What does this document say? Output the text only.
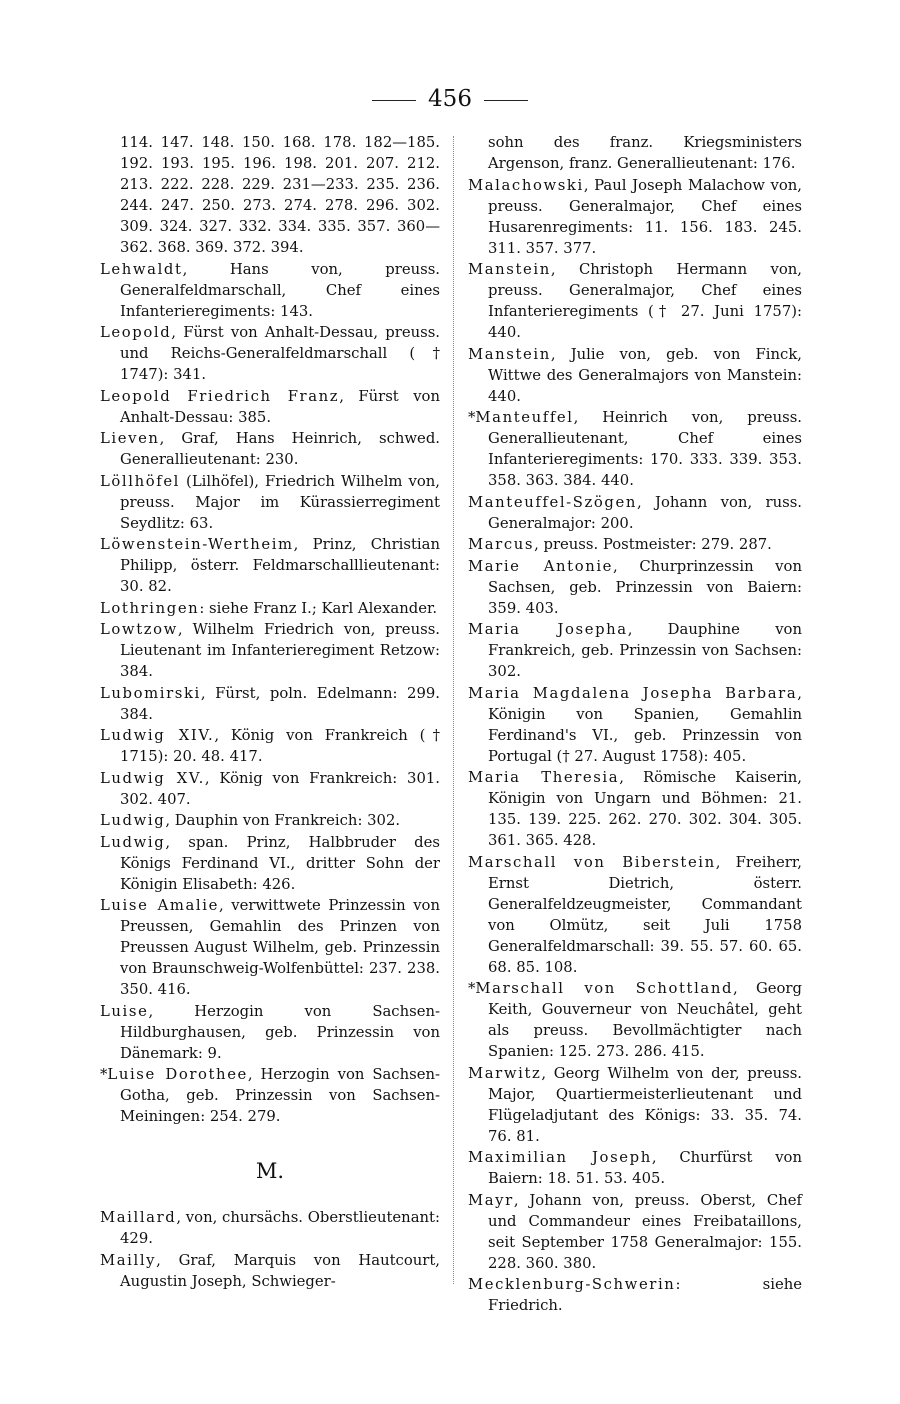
456

114. 147. 148. 150. 168. 178. 182—185. 192. 193. 195. 196. 198. 201. 207. 212. 213. 222. 228. 229. 231—233. 235. 236. 244. 247. 250. 273. 274. 278. 296. 302. 309. 324. 327. 332. 334. 335. 357. 360—362. 368. 369. 372. 394.

Lehwaldt, Hans von, preuss. Generalfeldmarschall, Chef eines Infanterieregiments: 143.

Leopold, Fürst von Anhalt-Dessau, preuss. und Reichs-Generalfeldmarschall († 1747): 341.

Leopold Friedrich Franz, Fürst von Anhalt-Dessau: 385.

Lieven, Graf, Hans Heinrich, schwed. Generallieutenant: 230.

Löllhöfel (Lilhöfel), Friedrich Wilhelm von, preuss. Major im Kürassierregiment Seydlitz: 63.

Löwenstein-Wertheim, Prinz, Christian Philipp, österr. Feldmarschalllieutenant: 30. 82.

Lothringen: siehe Franz I.; Karl Alexander.

Lowtzow, Wilhelm Friedrich von, preuss. Lieutenant im Infanterieregiment Retzow: 384.

Lubomirski, Fürst, poln. Edelmann: 299. 384.

Ludwig XIV., König von Frankreich († 1715): 20. 48. 417.

Ludwig XV., König von Frankreich: 301. 302. 407.

Ludwig, Dauphin von Frankreich: 302.

Ludwig, span. Prinz, Halbbruder des Königs Ferdinand VI., dritter Sohn der Königin Elisabeth: 426.

Luise Amalie, verwittwete Prinzessin von Preussen, Gemahlin des Prinzen von Preussen August Wilhelm, geb. Prinzessin von Braunschweig-Wolfenbüttel: 237. 238. 350. 416.

Luise, Herzogin von Sachsen-Hildburghausen, geb. Prinzessin von Dänemark: 9.

*Luise Dorothee, Herzogin von Sachsen-Gotha, geb. Prinzessin von Sachsen-Meiningen: 254. 279.

M.

Maillard, von, chursächs. Oberstlieutenant: 429.

Mailly, Graf, Marquis von Hautcourt, Augustin Joseph, Schwieger-

sohn des franz. Kriegsministers Argenson, franz. Generallieutenant: 176.

Malachowski, Paul Joseph Malachow von, preuss. Generalmajor, Chef eines Husarenregiments: 11. 156. 183. 245. 311. 357. 377.

Manstein, Christoph Hermann von, preuss. Generalmajor, Chef eines Infanterieregiments († 27. Juni 1757): 440.

Manstein, Julie von, geb. von Finck, Wittwe des Generalmajors von Manstein: 440.

*Manteuffel, Heinrich von, preuss. Generallieutenant, Chef eines Infanterieregiments: 170. 333. 339. 353. 358. 363. 384. 440.

Manteuffel-Szögen, Johann von, russ. Generalmajor: 200.

Marcus, preuss. Postmeister: 279. 287.

Marie Antonie, Churprinzessin von Sachsen, geb. Prinzessin von Baiern: 359. 403.

Maria Josepha, Dauphine von Frankreich, geb. Prinzessin von Sachsen: 302.

Maria Magdalena Josepha Barbara, Königin von Spanien, Gemahlin Ferdinand's VI., geb. Prinzessin von Portugal († 27. August 1758): 405.

Maria Theresia, Römische Kaiserin, Königin von Ungarn und Böhmen: 21. 135. 139. 225. 262. 270. 302. 304. 305. 361. 365. 428.

Marschall von Biberstein, Freiherr, Ernst Dietrich, österr. Generalfeldzeugmeister, Commandant von Olmütz, seit Juli 1758 Generalfeldmarschall: 39. 55. 57. 60. 65. 68. 85. 108.

*Marschall von Schottland, Georg Keith, Gouverneur von Neuchâtel, geht als preuss. Bevollmächtigter nach Spanien: 125. 273. 286. 415.

Marwitz, Georg Wilhelm von der, preuss. Major, Quartiermeisterlieutenant und Flügeladjutant des Königs: 33. 35. 74. 76. 81.

Maximilian Joseph, Churfürst von Baiern: 18. 51. 53. 405.

Mayr, Johann von, preuss. Oberst, Chef und Commandeur eines Freibataillons, seit September 1758 Generalmajor: 155. 228. 360. 380.

Mecklenburg-Schwerin: siehe Friedrich.
